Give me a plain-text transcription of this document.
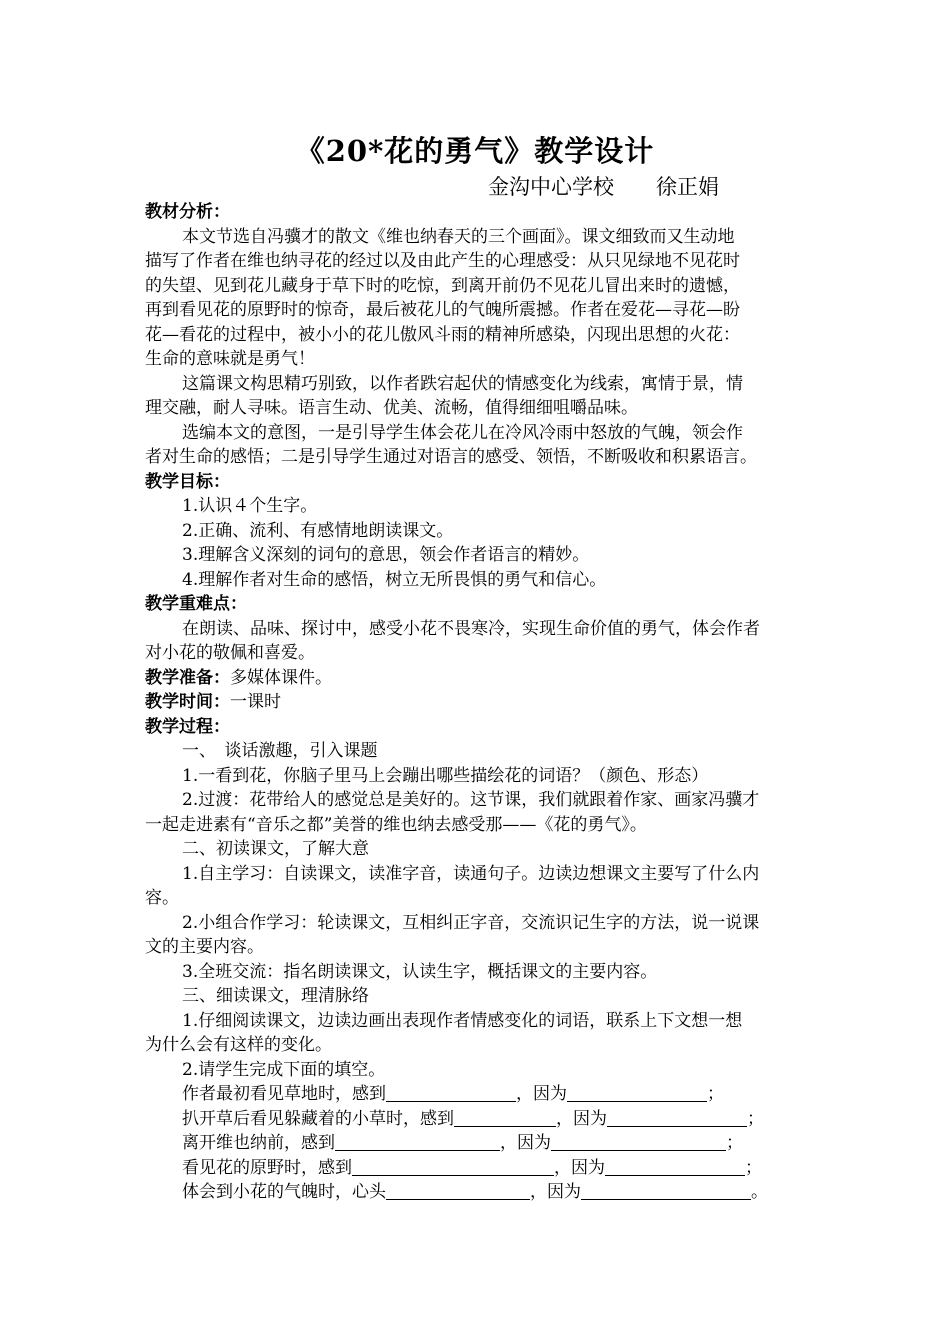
《20*花的勇气》教学设计
金沟中心学校　　徐正娟
教材分析：
本文节选自冯骥才的散文《维也纳春天的三个画面》。课文细致而又生动地
描写了作者在维也纳寻花的经过以及由此产生的心理感受：从只见绿地不见花时
的失望、见到花儿藏身于草下时的吃惊，到离开前仍不见花儿冒出来时的遗憾，
再到看见花的原野时的惊奇，最后被花儿的气魄所震撼。作者在爱花—寻花—盼
花—看花的过程中，被小小的花儿傲风斗雨的精神所感染，闪现出思想的火花：
生命的意味就是勇气！
这篇课文构思精巧别致，以作者跌宕起伏的情感变化为线索，寓情于景，情
理交融，耐人寻味。语言生动、优美、流畅，值得细细咀嚼品味。
选编本文的意图，一是引导学生体会花儿在冷风冷雨中怒放的气魄，领会作
者对生命的感悟；二是引导学生通过对语言的感受、领悟，不断吸收和积累语言。
教学目标：
1.认识４个生字。
2.正确、流利、有感情地朗读课文。
3.理解含义深刻的词句的意思，领会作者语言的精妙。
4.理解作者对生命的感悟，树立无所畏惧的勇气和信心。
教学重难点：
在朗读、品味、探讨中，感受小花不畏寒冷，实现生命价值的勇气，体会作者
对小花的敬佩和喜爱。
教学准备：多媒体课件。
教学时间：一课时
教学过程：
一、　谈话激趣，引入课题
1.一看到花，你脑子里马上会蹦出哪些描绘花的词语？（颜色、形态）
2.过渡：花带给人的感觉总是美好的。这节课，我们就跟着作家、画家冯骥才
一起走进素有“音乐之都”美誉的维也纳去感受那——《花的勇气》。
二、初读课文，了解大意
1.自主学习：自读课文，读准字音，读通句子。边读边想课文主要写了什么内
容。
2.小组合作学习：轮读课文，互相纠正字音，交流识记生字的方法，说一说课
文的主要内容。
3.全班交流：指名朗读课文，认读生字，概括课文的主要内容。
三、细读课文，理清脉络
1.仔细阅读课文，边读边画出表现作者情感变化的词语，联系上下文想一想
为什么会有这样的变化。
2.请学生完成下面的填空。
作者最初看见草地时，感到	，因为	；
扒开草后看见躲藏着的小草时，感到	，因为	；
离开维也纳前，感到	，因为	；
看见花的原野时，感到	，因为	；
体会到小花的气魄时，心头	，因为	。
